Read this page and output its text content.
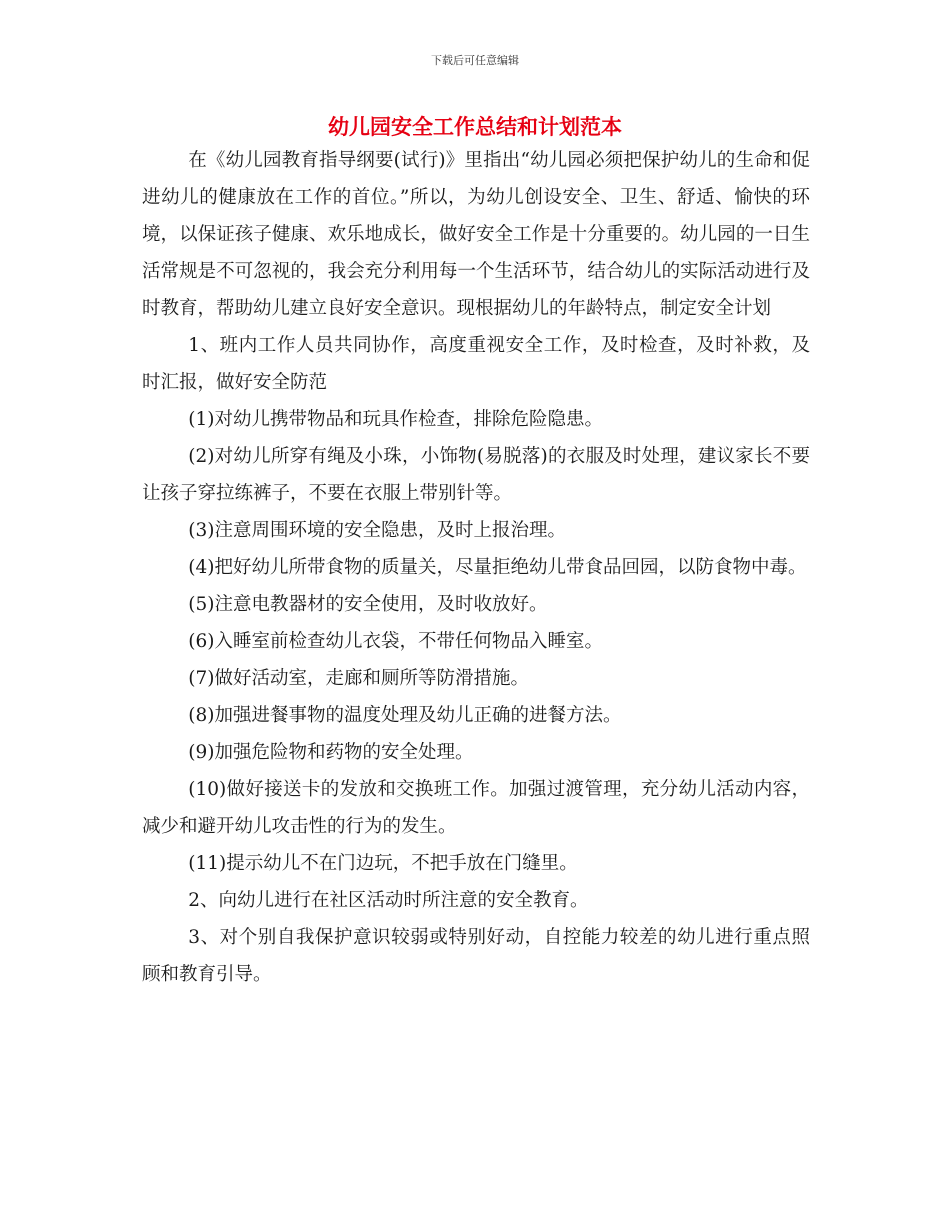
下载后可任意编辑
幼儿园安全工作总结和计划范本

在《幼儿园教育指导纲要(试行)》里指出“幼儿园必须把保护幼儿的生命和促进幼儿的健康放在工作的首位。”所以，为幼儿创设安全、卫生、舒适、愉快的环境，以保证孩子健康、欢乐地成长，做好安全工作是十分重要的。幼儿园的一日生活常规是不可忽视的，我会充分利用每一个生活环节，结合幼儿的实际活动进行及时教育，帮助幼儿建立良好安全意识。现根据幼儿的年龄特点，制定安全计划

1、班内工作人员共同协作，高度重视安全工作，及时检查，及时补救，及时汇报，做好安全防范

(1)对幼儿携带物品和玩具作检查，排除危险隐患。

(2)对幼儿所穿有绳及小珠，小饰物(易脱落)的衣服及时处理，建议家长不要让孩子穿拉练裤子，不要在衣服上带别针等。

(3)注意周围环境的安全隐患，及时上报治理。

(4)把好幼儿所带食物的质量关，尽量拒绝幼儿带食品回园，以防食物中毒。

(5)注意电教器材的安全使用，及时收放好。

(6)入睡室前检查幼儿衣袋，不带任何物品入睡室。

(7)做好活动室，走廊和厕所等防滑措施。

(8)加强进餐事物的温度处理及幼儿正确的进餐方法。

(9)加强危险物和药物的安全处理。

(10)做好接送卡的发放和交换班工作。加强过渡管理，充分幼儿活动内容，减少和避开幼儿攻击性的行为的发生。

(11)提示幼儿不在门边玩，不把手放在门缝里。

2、向幼儿进行在社区活动时所注意的安全教育。

3、对个别自我保护意识较弱或特别好动，自控能力较差的幼儿进行重点照顾和教育引导。
